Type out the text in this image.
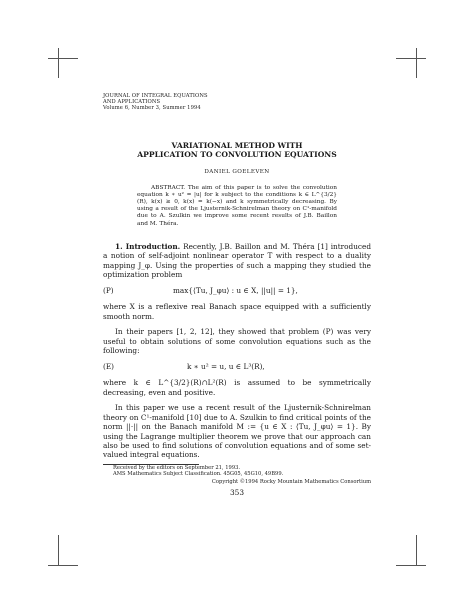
JOURNAL OF INTEGRAL EQUATIONS
AND APPLICATIONS
Volume 6, Number 3, Summer 1994
VARIATIONAL METHOD WITH
APPLICATION TO CONVOLUTION EQUATIONS
DANIEL GOELEVEN
ABSTRACT. The aim of this paper is to solve the convolution equation k ∗ u² = |u| for k subject to the conditions k ∈ L^{3/2}(R), k(x) ≥ 0, k(x) = k(−x) and k symmetrically decreasing. By using a result of the Ljusternik-Schnirelman theory on C¹-manifold due to A. Szulkin we improve some recent results of J.B. Baillon and M. Théra.

1. Introduction. Recently, J.B. Baillon and M. Théra [1] introduced a notion of self-adjoint nonlinear operator T with respect to a duality mapping J_φ. Using the properties of such a mapping they studied the optimization problem

(P)	max{⟨Tu, J_φu⟩ : u ∈ X, ||u|| = 1},

where X is a reflexive real Banach space equipped with a sufficiently smooth norm.

In their papers [1, 2, 12], they showed that problem (P) was very useful to obtain solutions of some convolution equations such as the following:

(E)	k ∗ u² = u, u ∈ L³(R),

where k ∈ L^{3/2}(R)∩L²(R) is assumed to be symmetrically decreasing, even and positive.

In this paper we use a recent result of the Ljusternik-Schnirelman theory on C¹-manifold [10] due to A. Szulkin to find critical points of the norm ||·|| on the Banach manifold M := {u ∈ X : ⟨Tu, J_φu⟩ = 1}. By using the Lagrange multiplier theorem we prove that our approach can also be used to find solutions of convolution equations and of some set-valued integral equations.

Received by the editors on September 21, 1993.
AMS Mathematics Subject Classification. 45G05, 45G10, 49B99.
Copyright ©1994 Rocky Mountain Mathematics Consortium
353
